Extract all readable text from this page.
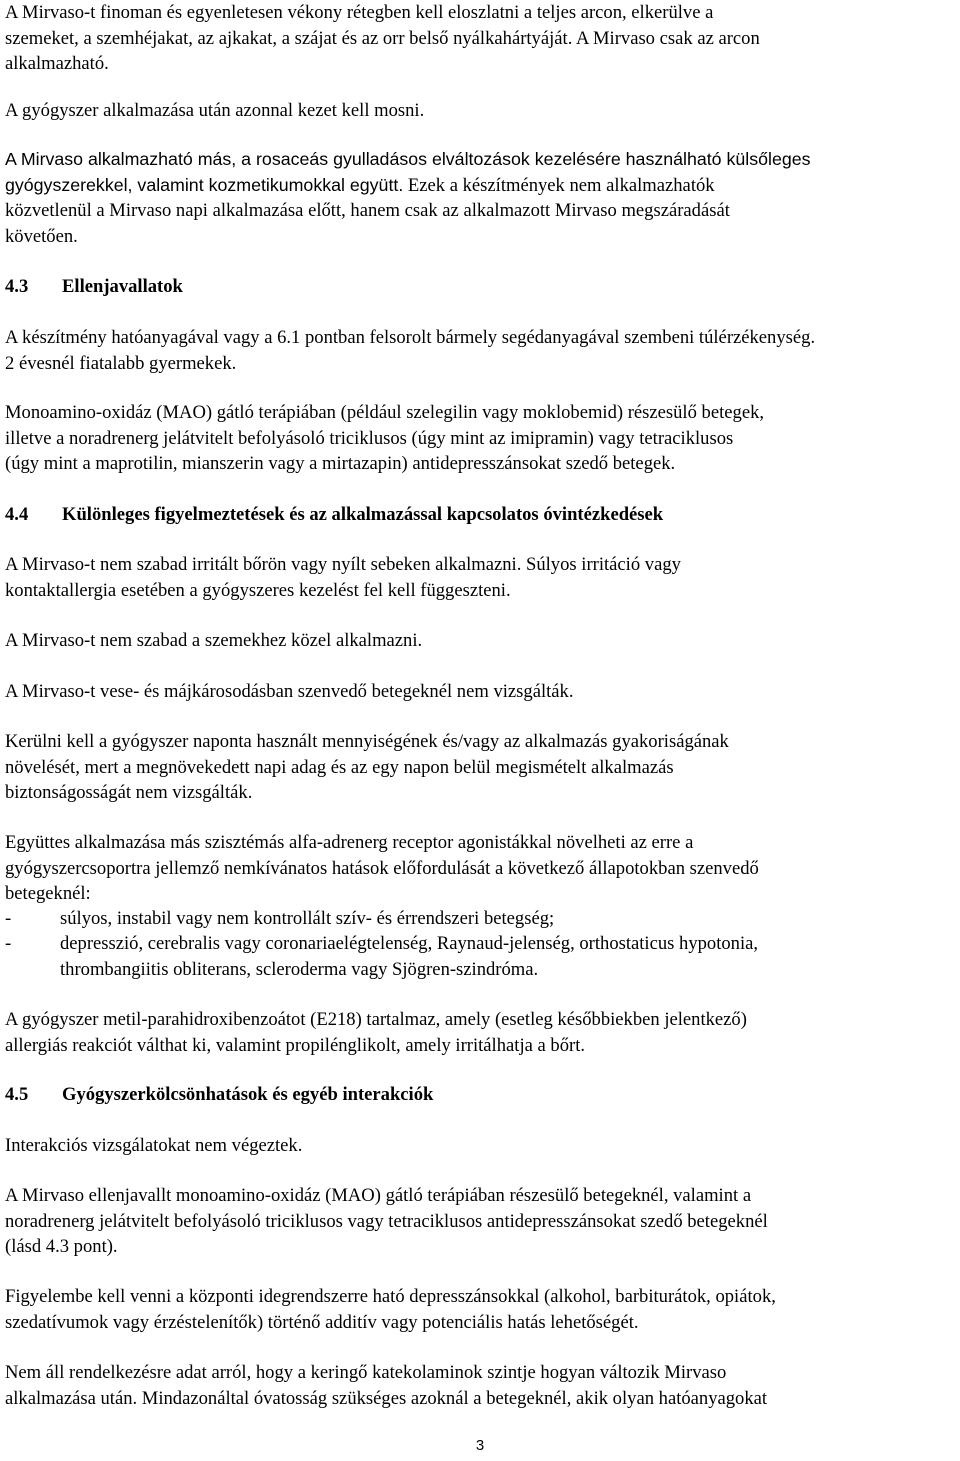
A Mirvaso-t finoman és egyenletesen vékony rétegben kell eloszlatni a teljes arcon, elkerülve a
szemeket, a szemhéjakat, az ajkakat, a szájat és az orr belső nyálkahártyáját. A Mirvaso csak az arcon
alkalmazható.

A gyógyszer alkalmazása után azonnal kezet kell mosni.

A Mirvaso alkalmazható más, a rosaceás gyulladásos elváltozások kezelésére használható külsőleges
gyógyszerekkel, valamint kozmetikumokkal együtt. Ezek a készítmények nem alkalmazhatók
közvetlenül a Mirvaso napi alkalmazása előtt, hanem csak az alkalmazott Mirvaso megszáradását
követően.

4.3 Ellenjavallatok

A készítmény hatóanyagával vagy a 6.1 pontban felsorolt bármely segédanyagával szembeni túlérzékenység.
2 évesnél fiatalabb gyermekek.

Monoamino-oxidáz (MAO) gátló terápiában (például szelegilin vagy moklobemid) részesülő betegek,
illetve a noradrenerg jelátvitelt befolyásoló triciklusos (úgy mint az imipramin) vagy tetraciklusos
(úgy mint a maprotilin, mianszerin vagy a mirtazapin) antidepresszánsokat szedő betegek.

4.4 Különleges figyelmeztetések és az alkalmazással kapcsolatos óvintézkedések

A Mirvaso-t nem szabad irritált bőrön vagy nyílt sebeken alkalmazni. Súlyos irritáció vagy
kontaktallergia esetében a gyógyszeres kezelést fel kell függeszteni.

A Mirvaso-t nem szabad a szemekhez közel alkalmazni.

A Mirvaso-t vese- és májkárosodásban szenvedő betegeknél nem vizsgálták.

Kerülni kell a gyógyszer naponta használt mennyiségének és/vagy az alkalmazás gyakoriságának
növelését, mert a megnövekedett napi adag és az egy napon belül megismételt alkalmazás
biztonságosságát nem vizsgálták.

Együttes alkalmazása más szisztémás alfa-adrenerg receptor agonistákkal növelheti az erre a
gyógyszercsoportra jellemző nemkívánatos hatások előfordulását a következő állapotokban szenvedő
betegeknél:

-	súlyos, instabil vagy nem kontrollált szív- és érrendszeri betegség;
-	depresszió, cerebralis vagy coronariaelégtelenség, Raynaud-jelenség, orthostaticus hypotonia,
thrombangiitis obliterans, scleroderma vagy Sjögren-szindróma.

A gyógyszer metil-parahidroxibenzoátot (E218) tartalmaz, amely (esetleg későbbiekben jelentkező)
allergiás reakciót válthat ki, valamint propilénglikolt, amely irritálhatja a bőrt.

4.5 Gyógyszerkölcsönhatások és egyéb interakciók

Interakciós vizsgálatokat nem végeztek.

A Mirvaso ellenjavallt monoamino-oxidáz (MAO) gátló terápiában részesülő betegeknél, valamint a
noradrenerg jelátvitelt befolyásoló triciklusos vagy tetraciklusos antidepresszánsokat szedő betegeknél
(lásd 4.3 pont).

Figyelembe kell venni a központi idegrendszerre ható depresszánsokkal (alkohol, barbiturátok, opiátok,
szedatívumok vagy érzéstelenítők) történő additív vagy potenciális hatás lehetőségét.

Nem áll rendelkezésre adat arról, hogy a keringő katekolaminok szintje hogyan változik Mirvaso
alkalmazása után. Mindazonáltal óvatosság szükséges azoknál a betegeknél, akik olyan hatóanyagokat

3
